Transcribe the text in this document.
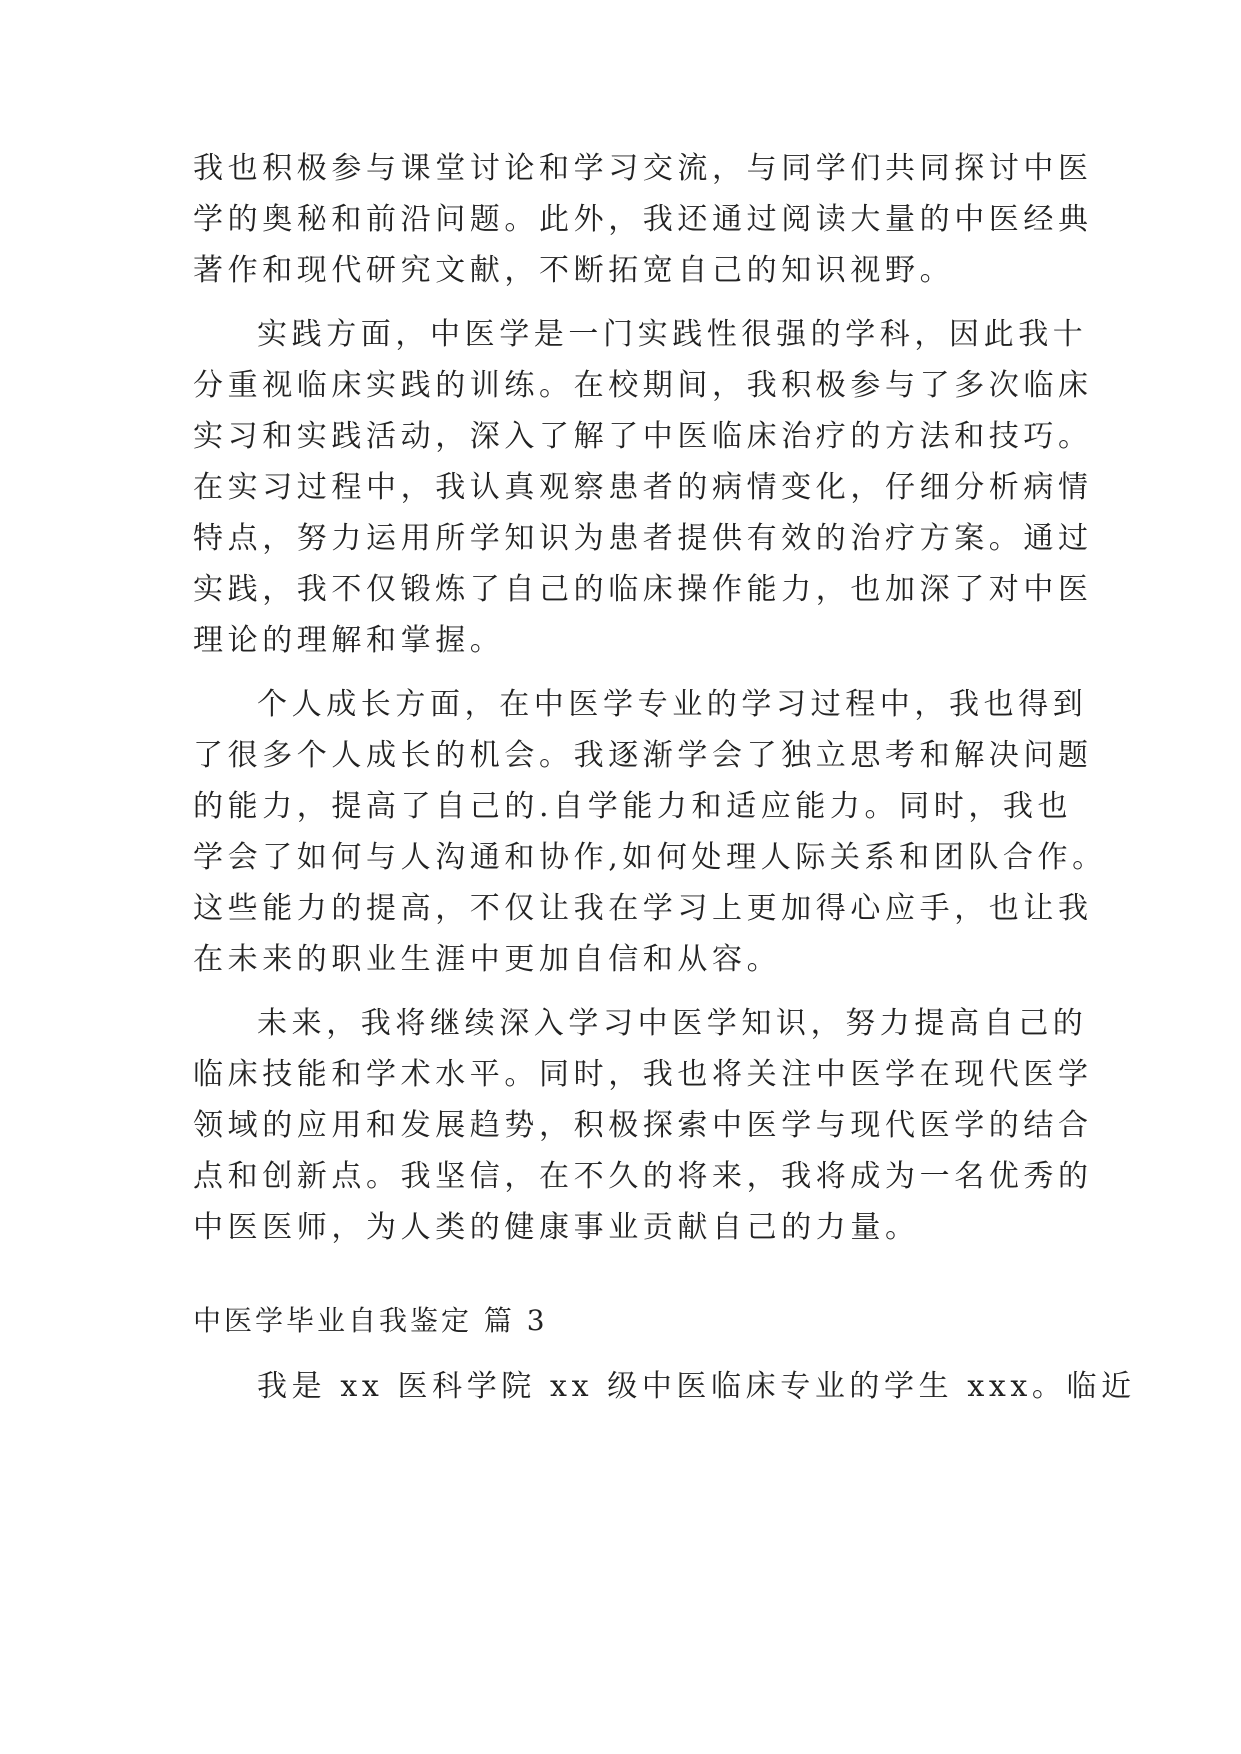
我也积极参与课堂讨论和学习交流，与同学们共同探讨中医
学的奥秘和前沿问题。此外，我还通过阅读大量的中医经典
著作和现代研究文献，不断拓宽自己的知识视野。
实践方面，中医学是一门实践性很强的学科，因此我十
分重视临床实践的训练。在校期间，我积极参与了多次临床
实习和实践活动，深入了解了中医临床治疗的方法和技巧。
在实习过程中，我认真观察患者的病情变化，仔细分析病情
特点，努力运用所学知识为患者提供有效的治疗方案。通过
实践，我不仅锻炼了自己的临床操作能力，也加深了对中医
理论的理解和掌握。
个人成长方面，在中医学专业的学习过程中，我也得到
了很多个人成长的机会。我逐渐学会了独立思考和解决问题
的能力，提高了自己的.自学能力和适应能力。同时，我也
学会了如何与人沟通和协作,如何处理人际关系和团队合作。
这些能力的提高，不仅让我在学习上更加得心应手，也让我
在未来的职业生涯中更加自信和从容。
未来，我将继续深入学习中医学知识，努力提高自己的
临床技能和学术水平。同时，我也将关注中医学在现代医学
领域的应用和发展趋势，积极探索中医学与现代医学的结合
点和创新点。我坚信，在不久的将来，我将成为一名优秀的
中医医师，为人类的健康事业贡献自己的力量。
中医学毕业自我鉴定 篇 3
我是 xx 医科学院 xx 级中医临床专业的学生 xxx。临近
